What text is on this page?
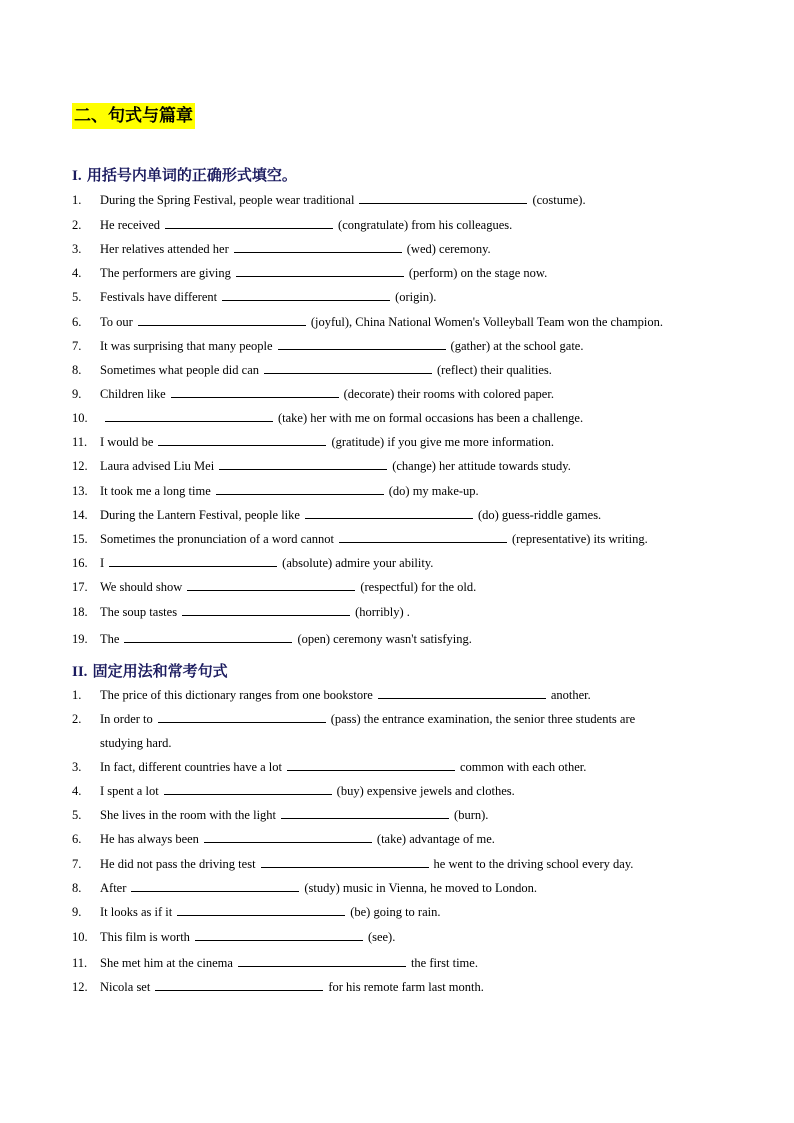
二、句式与篇章
I. 用括号内单词的正确形式填空。
1. During the Spring Festival, people wear traditional	(costume).
2. He received	(congratulate) from his colleagues.
3. Her relatives attended her	(wed) ceremony.
4. The performers are giving	(perform) on the stage now.
5. Festivals have different	(origin).
6. To our	(joyful), China National Women's Volleyball Team won the champion.
7. It was surprising that many people	(gather) at the school gate.
8. Sometimes what people did can	(reflect) their qualities.
9. Children like	(decorate) their rooms with colored paper.
10.	(take) her with me on formal occasions has been a challenge.
11. I would be	(gratitude) if you give me more information.
12. Laura advised Liu Mei	(change) her attitude towards study.
13. It took me a long time	(do) my make-up.
14. During the Lantern Festival, people like	(do) guess-riddle games.
15. Sometimes the pronunciation of a word cannot	(representative) its writing.
16. I	(absolute) admire your ability.
17. We should show	(respectful) for the old.
18. The soup tastes	(horribly) .
19. The	(open) ceremony wasn't satisfying.
II. 固定用法和常考句式
1. The price of this dictionary ranges from one bookstore	another.
2. In order to	(pass) the entrance examination, the senior three students are
studying hard.
3. In fact, different countries have a lot	common with each other.
4. I spent a lot	(buy) expensive jewels and clothes.
5. She lives in the room with the light	(burn).
6. He has always been	(take) advantage of me.
7. He did not pass the driving test	he went to the driving school every day.
8. After	(study) music in Vienna, he moved to London.
9. It looks as if it	(be) going to rain.
10. This film is worth	(see).
11. She met him at the cinema	the first time.
12. Nicola set	for his remote farm last month.
